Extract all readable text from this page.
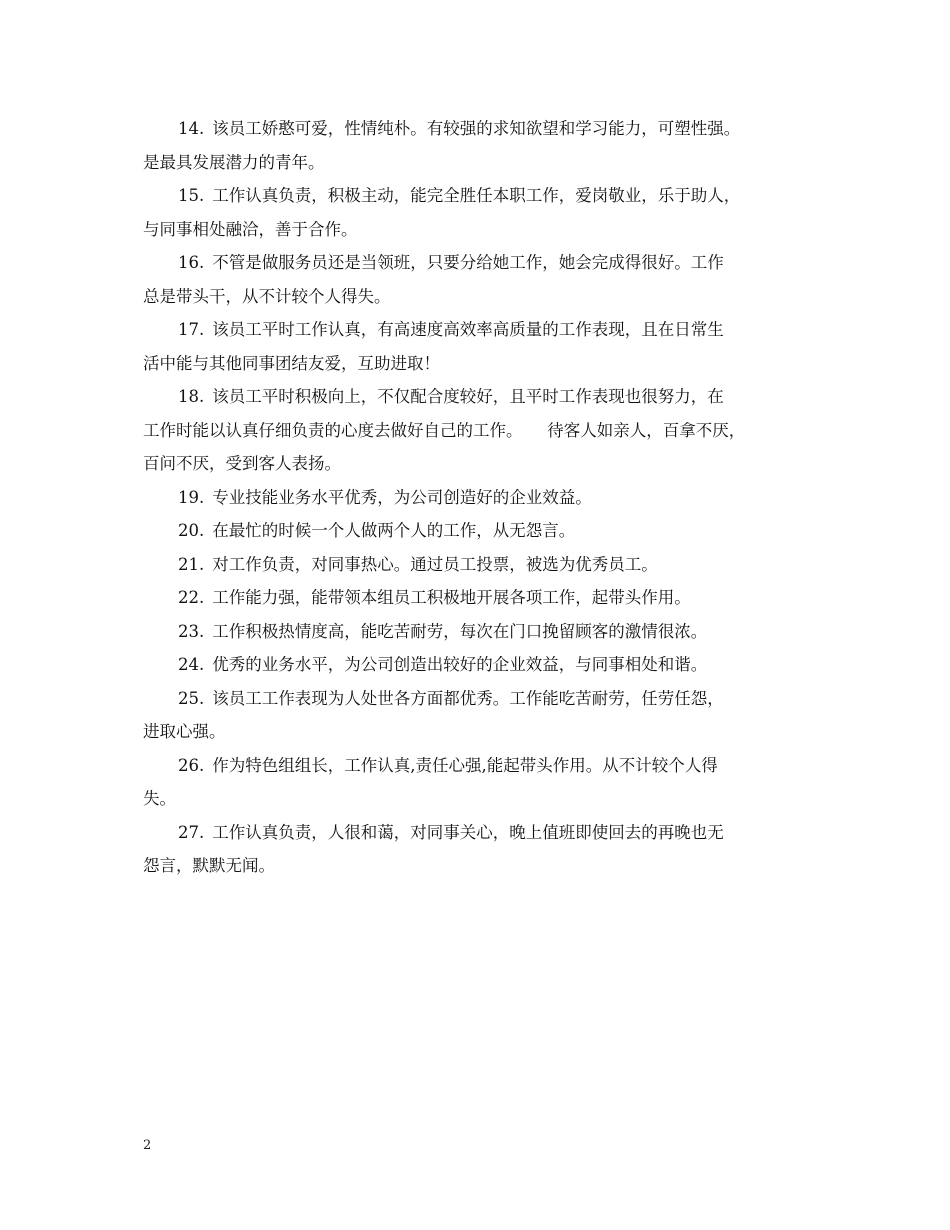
14. 该员工娇憨可爱，性情纯朴。有较强的求知欲望和学习能力，可塑性强。
是最具发展潜力的青年。

15. 工作认真负责，积极主动，能完全胜任本职工作，爱岗敬业，乐于助人，
与同事相处融洽，善于合作。

16. 不管是做服务员还是当领班，只要分给她工作，她会完成得很好。工作
总是带头干，从不计较个人得失。

17. 该员工平时工作认真，有高速度高效率高质量的工作表现，且在日常生
活中能与其他同事团结友爱，互助进取！

18. 该员工平时积极向上，不仅配合度较好，且平时工作表现也很努力，在
工作时能以认真仔细负责的心度去做好自己的工作。　　待客人如亲人，百拿不厌，
百问不厌，受到客人表扬。

19. 专业技能业务水平优秀，为公司创造好的企业效益。

20. 在最忙的时候一个人做两个人的工作，从无怨言。

21. 对工作负责，对同事热心。通过员工投票，被选为优秀员工。

22. 工作能力强，能带领本组员工积极地开展各项工作，起带头作用。

23. 工作积极热情度高，能吃苦耐劳，每次在门口挽留顾客的激情很浓。

24. 优秀的业务水平，为公司创造出较好的企业效益，与同事相处和谐。

25. 该员工工作表现为人处世各方面都优秀。工作能吃苦耐劳，任劳任怨，
进取心强。

26. 作为特色组组长，工作认真,责任心强,能起带头作用。从不计较个人得
失。

27. 工作认真负责，人很和蔼，对同事关心，晚上值班即使回去的再晚也无
怨言，默默无闻。

2
